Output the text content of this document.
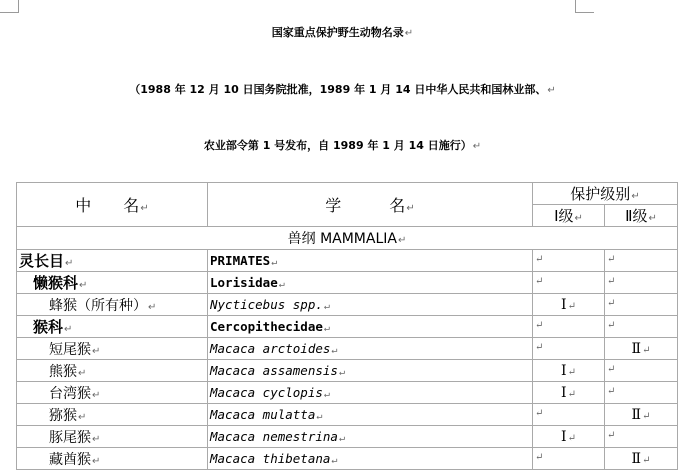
国家重点保护野生动物名录↵
（1988 年 12 月 10 日国务院批准，1989 年 1 月 14 日中华人民共和国林业部、↵
农业部令第 1 号发布，自 1989 年 1 月 14 日施行）↵
中　　名↵	学　　　名↵	保护级别↵	
		Ⅰ级↵	Ⅱ级↵
兽纲 MAMMALIA↵			
灵长目↵	PRIMATES↵	↵	↵

懒猴科↵	Lorisidae↵	↵	↵

蜂猴（所有种）↵	Nycticebus spp.↵	Ⅰ↵	↵

猴科↵	Cercopithecidae↵	↵	↵

短尾猴↵	Macaca arctoides↵	↵	Ⅱ↵
熊猴↵	Macaca assamensis↵	Ⅰ↵	↵

台湾猴↵	Macaca cyclopis↵	Ⅰ↵	↵

猕猴↵	Macaca mulatta↵	↵	Ⅱ↵
豚尾猴↵	Macaca nemestrina↵	Ⅰ↵	↵

藏酋猴↵	Macaca thibetana↵	↵	Ⅱ↵
